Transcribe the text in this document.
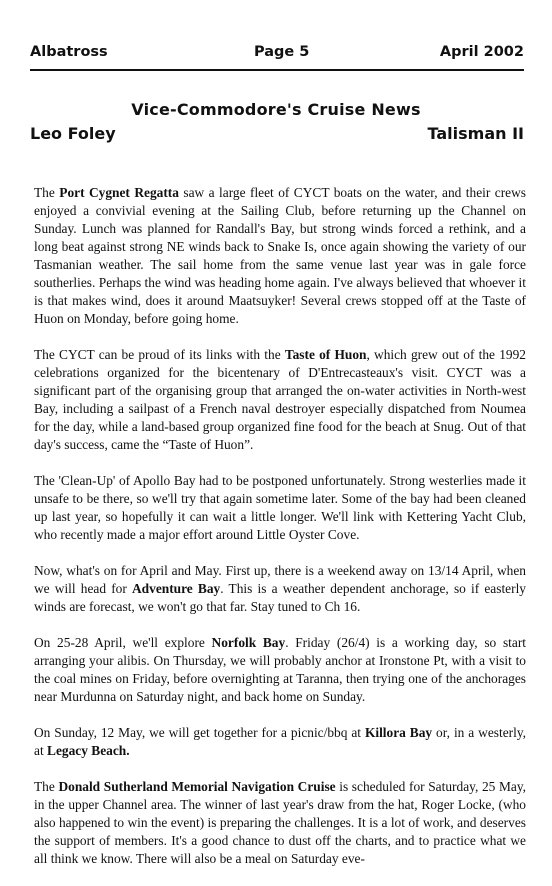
Albatross	Page 5	April 2002
Vice-Commodore's Cruise News
Leo Foley	Talisman II

The Port Cygnet Regatta saw a large fleet of CYCT boats on the water, and their crews enjoyed a convivial evening at the Sailing Club, before returning up the Channel on Sunday. Lunch was planned for Randall's Bay, but strong winds forced a rethink, and a long beat against strong NE winds back to Snake Is, once again showing the variety of our Tasmanian weather. The sail home from the same venue last year was in gale force southerlies. Perhaps the wind was heading home again. I've always believed that whoever it is that makes wind, does it around Maatsuyker! Several crews stopped off at the Taste of Huon on Monday, before going home.

The CYCT can be proud of its links with the Taste of Huon, which grew out of the 1992 celebrations organized for the bicentenary of D'Entrecasteaux's visit. CYCT was a significant part of the organising group that arranged the on-water activities in North-west Bay, including a sailpast of a French naval destroyer especially dispatched from Noumea for the day, while a land-based group organized fine food for the beach at Snug. Out of that day's success, came the “Taste of Huon”.

The 'Clean-Up' of Apollo Bay had to be postponed unfortunately. Strong westerlies made it unsafe to be there, so we'll try that again sometime later. Some of the bay had been cleaned up last year, so hopefully it can wait a little longer. We'll link with Kettering Yacht Club, who recently made a major effort around Little Oyster Cove.

Now, what's on for April and May. First up, there is a weekend away on 13/14 April, when we will head for Adventure Bay. This is a weather dependent anchorage, so if easterly winds are forecast, we won't go that far. Stay tuned to Ch 16.

On 25-28 April, we'll explore Norfolk Bay. Friday (26/4) is a working day, so start arranging your alibis. On Thursday, we will probably anchor at Ironstone Pt, with a visit to the coal mines on Friday, before overnighting at Taranna, then trying one of the anchorages near Murdunna on Saturday night, and back home on Sunday.

On Sunday, 12 May, we will get together for a picnic/bbq at Killora Bay or, in a westerly, at Legacy Beach.

The Donald Sutherland Memorial Navigation Cruise is scheduled for Saturday, 25 May, in the upper Channel area. The winner of last year's draw from the hat, Roger Locke, (who also happened to win the event) is preparing the challenges. It is a lot of work, and deserves the support of members. It's a good chance to dust off the charts, and to practice what we all think we know. There will also be a meal on Saturday eve-
